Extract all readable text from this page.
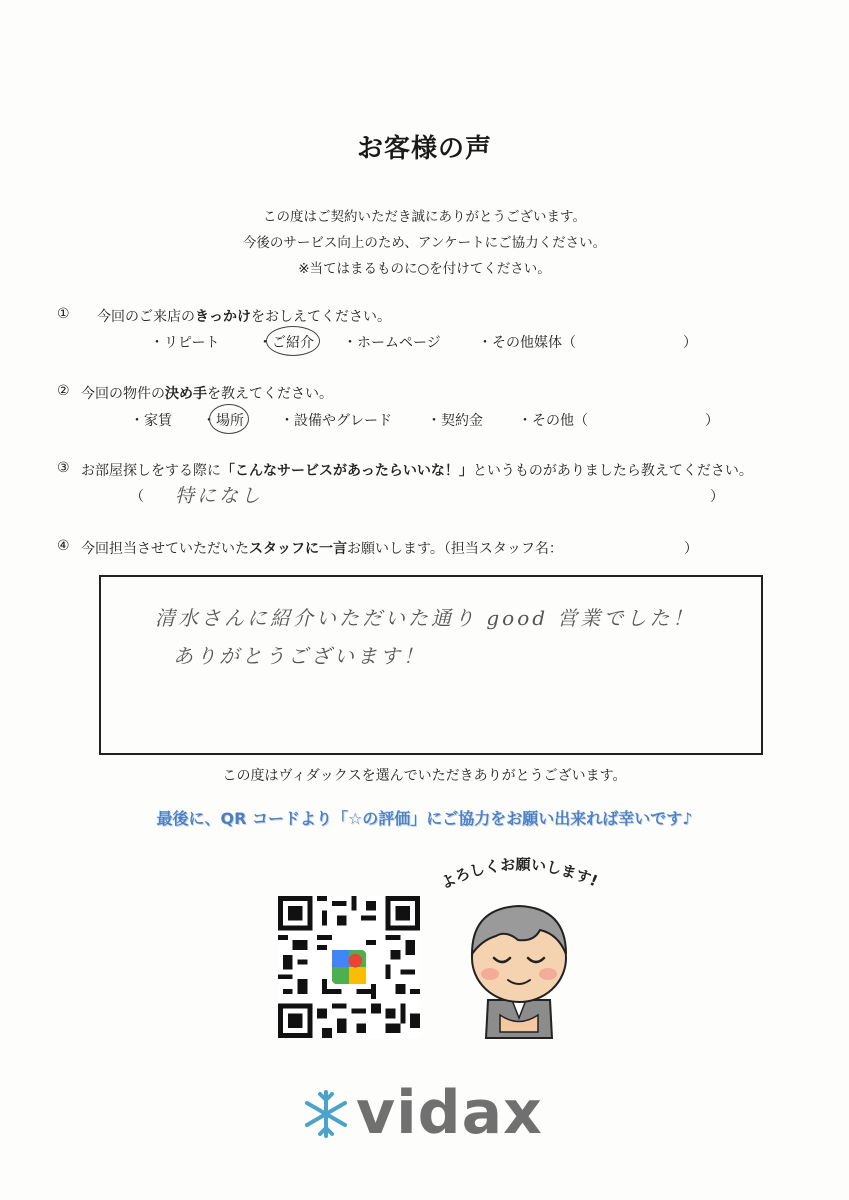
お客様の声
この度はご契約いただき誠にありがとうございます。
今後のサービス向上のため、アンケートにご協力ください。
※当てはまるものに○を付けてください。
① 今回のご来店のきっかけをおしえてください。
・リピート	・ご紹介 ・ホームページ	・その他媒体（	）
② 今回の物件の決め手を教えてください。
・家賃 ・場所	・設備やグレード	・契約金	・その他（	）
③ お部屋探しをする際に「こんなサービスがあったらいいな！」というものがありましたら教えてください。
（ 特になし	）
④ 今回担当させていただいたスタッフに一言お願いします。（担当スタッフ名：	）
清水さんに紹介いただいた通り good 営業でした！
ありがとうございます！
この度はヴィダックスを選んでいただきありがとうございます。
最後に、QR コードより「☆の評価」にご協力をお願い出来れば幸いです♪
よろしくお願いします!
vidax
